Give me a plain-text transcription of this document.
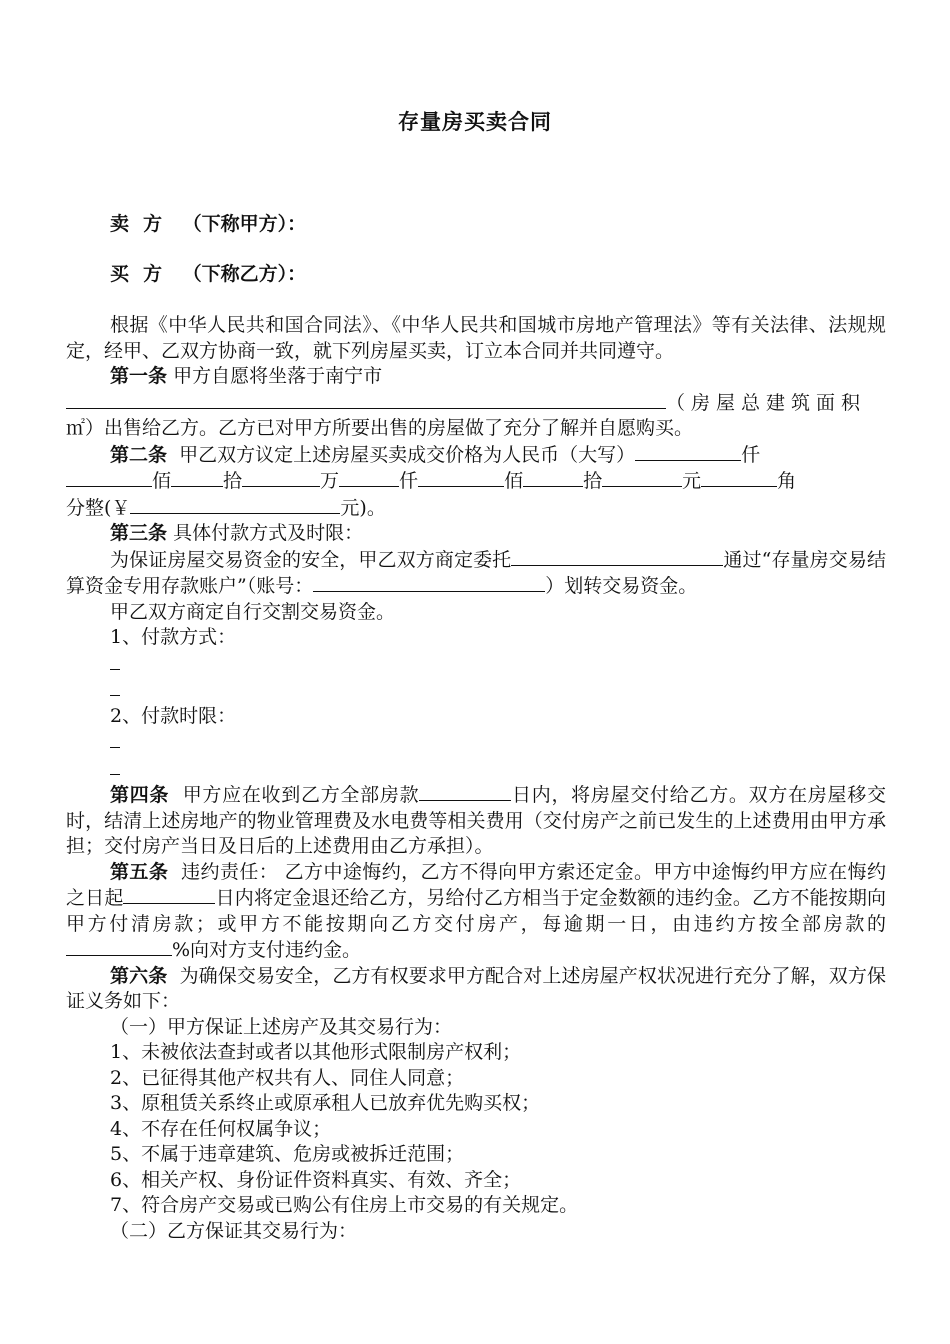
存量房买卖合同
卖方 （下称甲方）：
买方 （下称乙方）：

根据《中华人民共和国合同法》、《中华人民共和国城市房地产管理法》等有关法律、法规规定，经甲、乙双方协商一致，就下列房屋买卖，订立本合同并共同遵守。

第一条 甲方自愿将坐落于南宁市

（房屋总建筑面积

㎡）出售给乙方。乙方已对甲方所要出售的房屋做了充分了解并自愿购买。

第二条 甲乙双方议定上述房屋买卖成交价格为人民币（大写）	仟

佰	拾	万	仟	佰	拾	元	角

分整(￥	元)。

第三条 具体付款方式及时限：

为保证房屋交易资金的安全，甲乙双方商定委托	通过“存量房交易结算资金专用存款账户”（账号：	）划转交易资金。

甲乙双方商定自行交割交易资金。

1、付款方式：

2、付款时限：

第四条 甲方应在收到乙方全部房款	日内，将房屋交付给乙方。双方在房屋移交时，结清上述房地产的物业管理费及水电费等相关费用（交付房产之前已发生的上述费用由甲方承担；交付房产当日及日后的上述费用由乙方承担）。

第五条 违约责任： 乙方中途悔约，乙方不得向甲方索还定金。甲方中途悔约甲方应在悔约之日起	日内将定金退还给乙方，另给付乙方相当于定金数额的违约金。乙方不能按期向甲方付清房款；或甲方不能按期向乙方交付房产，每逾期一日，由违约方按全部房款的%向对方支付违约金。

第六条 为确保交易安全，乙方有权要求甲方配合对上述房屋产权状况进行充分了解，双方保证义务如下：

（一）甲方保证上述房产及其交易行为：

1、未被依法查封或者以其他形式限制房产权利；

2、已征得其他产权共有人、同住人同意；

3、原租赁关系终止或原承租人已放弃优先购买权；

4、不存在任何权属争议；

5、不属于违章建筑、危房或被拆迁范围；

6、相关产权、身份证件资料真实、有效、齐全；

7、符合房产交易或已购公有住房上市交易的有关规定。

（二）乙方保证其交易行为：
